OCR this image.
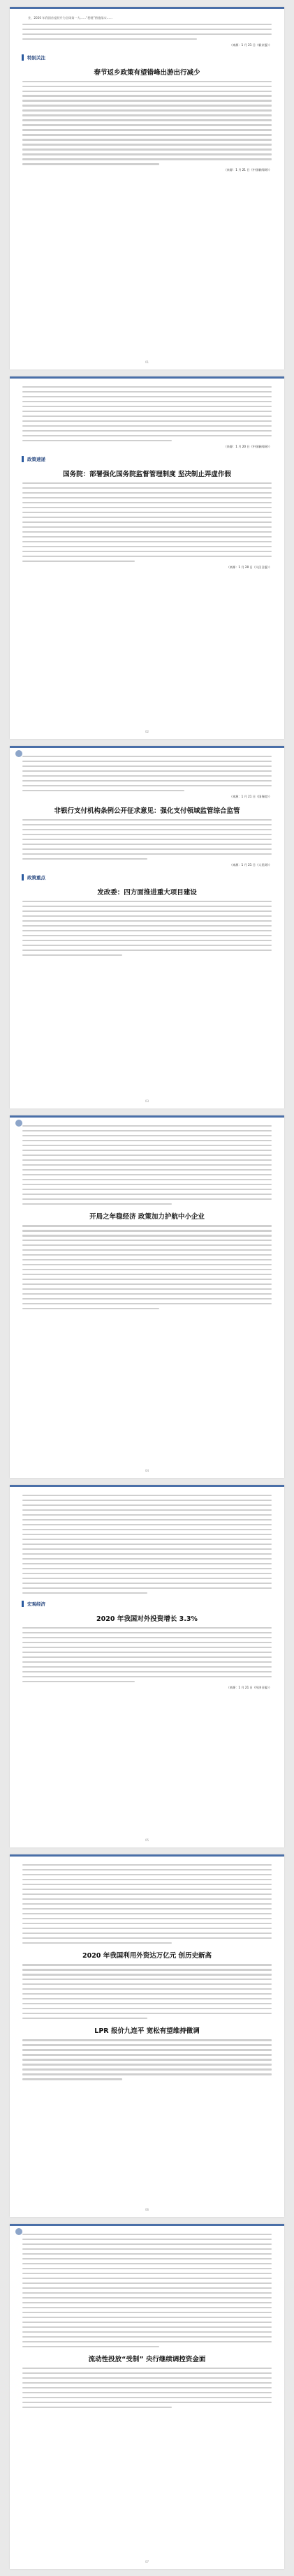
业，2020 年我国首度跃升为全球第一大……“稳链”措施落实……
（来源：1 月 21 日《新京报》）
特别关注
春节返乡政策有望错峰出游出行减少
（来源：1 月 21 日《中国新闻网》）
01
（来源：1 月 20 日《中国新闻网》）
政策速递
国务院：部署强化国务院监督管理制度 坚决制止弄虚作假
（来源：1 月 20 日《人民日报》）
02
（来源：1 月 21 日《国务院》）
非银行支付机构条例公开征求意见：强化支付领域监管综合监管
（来源：1 月 21 日《人民网》）
政策重点
发改委：四方面推进重大项目建设
03
开局之年稳经济 政策加力护航中小企业
04
宏观经济
2020 年我国对外投资增长 3.3%
（来源：1 月 21 日《经济日报》）
05
2020 年我国利用外资达万亿元 创历史新高
LPR 报价九连平 宽松有望维持微调
06
流动性投放“受制” 央行继续调控资金面
07
